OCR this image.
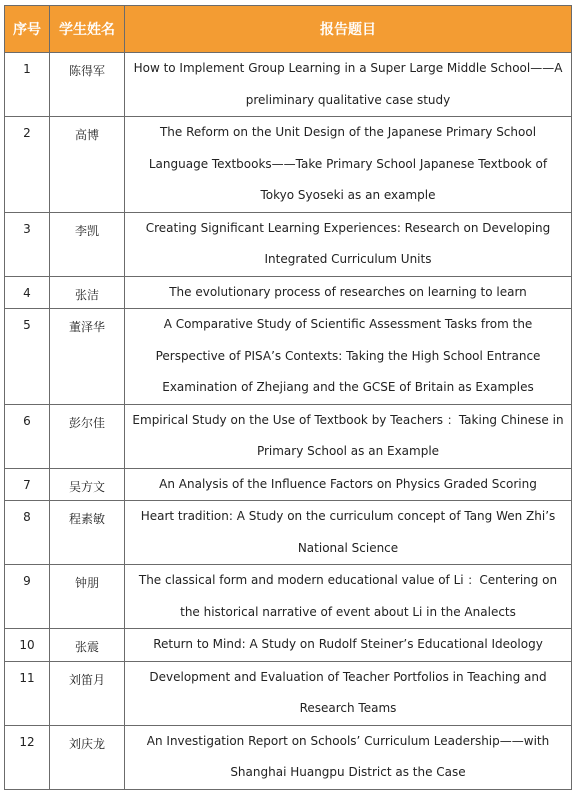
序号	学生姓名	报告题目
1	陈得军	How to Implement Group Learning in a Super Large Middle School——A preliminary qualitative case study
2	高博	The Reform on the Unit Design of the Japanese Primary School Language Textbooks——Take Primary School Japanese Textbook of Tokyo Syoseki as an example
3	李凯	Creating Significant Learning Experiences: Research on Developing Integrated Curriculum Units
4	张洁	The evolutionary process of researches on learning to learn
5	董泽华	A Comparative Study of Scientific Assessment Tasks from the Perspective of PISA’s Contexts: Taking the High School Entrance Examination of Zhejiang and the GCSE of Britain as Examples
6	彭尔佳	Empirical Study on the Use of Textbook by Teachers ：Taking Chinese in Primary School as an Example
7	吴方文	An Analysis of the Influence Factors on Physics Graded Scoring
8	程素敏	Heart tradition: A Study on the curriculum concept of Tang Wen Zhi’s National Science
9	钟朋	The classical form and modern educational value of Li ：Centering on the historical narrative of event about Li in the Analects
10	张震	Return to Mind: A Study on Rudolf Steiner’s Educational Ideology
11	刘笛月	Development and Evaluation of Teacher Portfolios in Teaching and Research Teams
12	刘庆龙	An Investigation Report on Schools’ Curriculum Leadership——with Shanghai Huangpu District as the Case
